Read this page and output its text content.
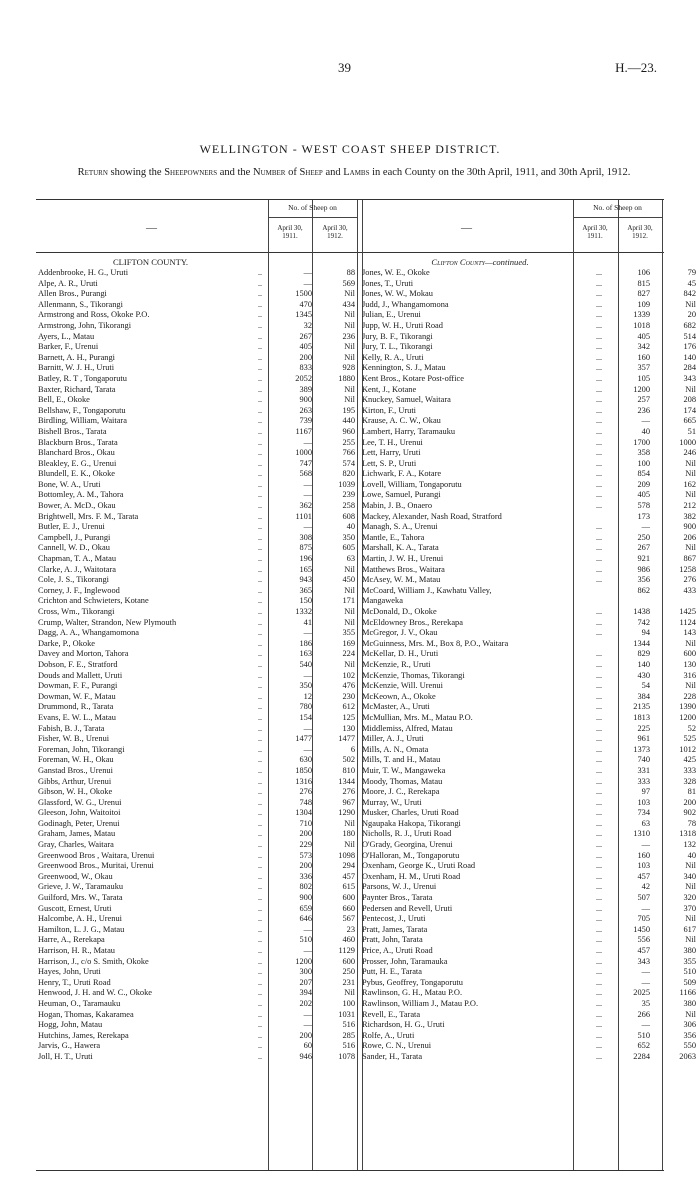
39	H.—23.
WELLINGTON - WEST COAST SHEEP DISTRICT.
Return showing the Sheepowners and the Number of Sheep and Lambs in each County on the 30th April, 1911, and 30th April, 1912.
—	—
No. of Sheep on
April 30,
1911.
April 30,
1912.
No. of Sheep on
April 30,
1911.
April 30,
1912.
CLIFTON COUNTY.
Addenbrooke, H. G., Uruti	..	—	88
Alpe, A. R., Uruti	..	—	569
Allen Bros., Purangi	..	1500	Nil
Allenmann, S., Tikorangi	..	470	434
Armstrong and Ross, Okoke P.O.	..	1345	Nil
Armstrong, John, Tikorangi	..	32	Nil
Ayers, L., Matau	..	267	236
Barker, F., Urenui	..	405	Nil
Barnett, A. H., Purangi	..	200	Nil
Barnitt, W. J. H., Uruti	..	833	928
Batley, R. T , Tongaporutu	..	2052	1880
Baxter, Richard, Tarata	..	389	Nil
Bell, E., Okoke	..	900	Nil
Bellshaw, F., Tongaporutu	..	263	195
Birdling, William, Waitara	..	739	440
Bishell Bros., Tarata	..	1167	960
Blackburn Bros., Tarata	..	—	255
Blanchard Bros., Okau	..	1000	766
Bleakley, E. G., Urenui	..	747	574
Blundell, E. K., Okoke	..	568	820
Bone, W. A., Uruti	..	—	1039
Bottomley, A. M., Tahora	..	—	239
Bower, A. McD., Okau	..	362	258
Brightwell, Mrs. F. M., Tarata	..	1101	608
Butler, E. J., Urenui	..	—	40
Campbell, J., Purangi	..	308	350
Cannell, W. D., Okau	..	875	605
Chapman, T. A., Matau	..	196	63
Clarke, A. J., Waitotara	..	165	Nil
Cole, J. S., Tikorangi	..	943	450
Corney, J. F., Inglewood	..	365	Nil
Crichton and Schwieters, Kotane	..	150	171
Cross, Wm., Tikorangi	..	1332	Nil
Crump, Walter, Strandon, New Plymouth	..	41	Nil
Dagg, A. A., Whangamomona	..	—	355
Darke, P., Okoke	..	186	169
Davey and Morton, Tahora	..	163	224
Dobson, F. E., Stratford	..	540	Nil
Douds and Mallett, Uruti	..	—	102
Dowman, F. F., Purangi	..	350	476
Dowman, W. F., Matau	..	12	230
Drummond, R., Tarata	..	780	612
Evans, E. W. L., Matau	..	154	125
Fabish, B. J., Tarata	..	—	130
Fisher, W. B., Urenui	..	1477	1477
Foreman, John, Tikorangi	..	—	6
Foreman, W. H., Okau	..	630	502
Ganstad Bros., Urenui	..	1850	810
Gibbs, Arthur, Urenui	..	1316	1344
Gibson, W. H., Okoke	..	276	276
Glassford, W. G., Urenui	..	748	967
Gleeson, John, Waitoitoi	..	1304	1290
Godinagh, Peter, Urenui	..	710	Nil
Graham, James, Matau	..	200	180
Gray, Charles, Waitara	..	229	Nil
Greenwood Bros , Waitara, Urenui	..	573	1098
Greenwood Bros., Muritai, Urenui	..	200	294
Greenwood, W., Okau	..	336	457
Grieve, J. W., Taramauku	..	802	615
Guilford, Mrs. W., Tarata	..	900	600
Guscott, Ernest, Uruti	..	659	660
Halcombe, A. H., Urenui	..	646	567
Hamilton, L. J. G., Matau	..	—	23
Harre, A., Rerekapa	..	510	460
Harrison, H. R., Matau	..	—	1129
Harrison, J., c/o S. Smith, Okoke	..	1200	600
Hayes, John, Uruti	..	300	250
Henry, T., Uruti Road	..	207	231
Henwood, J. H. and W. C., Okoke	..	394	Nil
Heuman, O., Taramauku	..	202	100
Hogan, Thomas, Kakaramea	..	—	1031
Hogg, John, Matau	..	—	516
Hutchins, James, Rerekapa	..	200	285
Jarvis, G., Hawera	..	60	516
Joll, H. T., Uruti	..	946	1078
Clifton County—continued.
Jones, W. E., Okoke	...	106	79
Jones, T., Uruti	...	815	45
Jones, W. W., Mokau	...	827	842
Judd, J., Whangamomona	...	109	Nil
Julian, E., Urenui	...	1339	20
Jupp, W. H., Uruti Road	...	1018	682
Jury, B. F., Tikorangi	...	405	514
Jury, T. L., Tikorangi	...	342	176
Kelly, R. A., Uruti	...	160	140
Kennington, S. J., Matau	...	357	284
Kent Bros., Kotare Post-office	...	105	343
Kent, J., Kotane	...	1200	Nil
Knuckey, Samuel, Waitara	...	257	208
Kirton, F., Uruti	...	236	174
Krause, A. C. W., Okau	...	—	665
Lambert, Harry, Taramauku	...	40	51
Lee, T. H., Urenui	...	1700	1000
Lett, Harry, Uruti	...	358	246
Lett, S. P., Uruti	...	100	Nil
Lichwark, F. A., Kotare	...	854	Nil
Lovell, William, Tongaporutu	...	209	162
Lowe, Samuel, Purangi	...	405	Nil
Mabin, J. B., Onaero	...	578	212
Mackey, Alexander, Nash Road, Stratford	173	382
Managh, S. A., Urenui	...	—	900
Mantle, E., Tahora	...	250	206
Marshall, K. A., Tarata	...	267	Nil
Martin, J. W. H., Urenui	...	921	867
Matthews Bros., Waitara	...	986	1258
McAsey, W. M., Matau	...	356	276
McCoard, William J., Kawhatu Valley,	862	433
Mangaweka
McDonald, D., Okoke	...	1438	1425
McEldowney Bros., Rerekapa	...	742	1124
McGregor, J. V., Okau	...	94	143
McGuinness, Mrs. M., Box 8, P.O., Waitara	1344	Nil
McKellar, D. H., Uruti	...	829	600
McKenzie, R., Uruti	...	140	130
McKenzie, Thomas, Tikorangi	...	430	316
McKenzie, Will. Urenui	...	54	Nil
McKeown, A., Okoke	...	384	228
McMaster, A., Uruti	...	2135	1390
McMullian, Mrs. M., Matau P.O.	...	1813	1200
Middlemiss, Alfred, Matau	...	225	52
Miller, A. J., Uruti	...	961	525
Mills, A. N., Omata	...	1373	1012
Mills, T. and H., Matau	...	740	425
Muir, T. W., Mangaweka	...	331	333
Moody, Thomas, Matau	...	333	328
Moore, J. C., Rerekapa	...	97	81
Murray, W., Uruti	...	103	200
Musker, Charles, Uruti Road	...	734	902
Ngaupaka Hakopa, Tikorangi	...	63	78
Nicholls, R. J., Uruti Road	...	1310	1318
O'Grady, Georgina, Urenui	...	—	132
O'Halloran, M., Tongaporutu	...	160	40
Oxenham, George K., Uruti Road	...	103	Nil
Oxenham, H. M., Uruti Road	...	457	340
Parsons, W. J., Urenui	...	42	Nil
Paynter Bros., Tarata	...	507	320
Pedersen and Revell, Uruti	...	—	370
Pentecost, J., Uruti	...	705	Nil
Pratt, James, Tarata	...	1450	617
Pratt, John, Tarata	...	556	Nil
Price, A., Uruti Road	...	457	380
Prosser, John, Taramauka	...	343	355
Putt, H. E., Tarata	...	—	510
Pybus, Geoffrey, Tongaporutu	...	—	509
Rawlinson, G. H., Matau P.O.	...	2025	1166
Rawlinson, William J., Matau P.O.	...	35	380
Revell, E., Tarata	...	266	Nil
Richardson, H. G., Uruti	...	—	306
Rolfe, A., Uruti	...	510	356
Rowe, C. N., Urenui	...	652	550
Sander, H., Tarata	...	2284	2063
